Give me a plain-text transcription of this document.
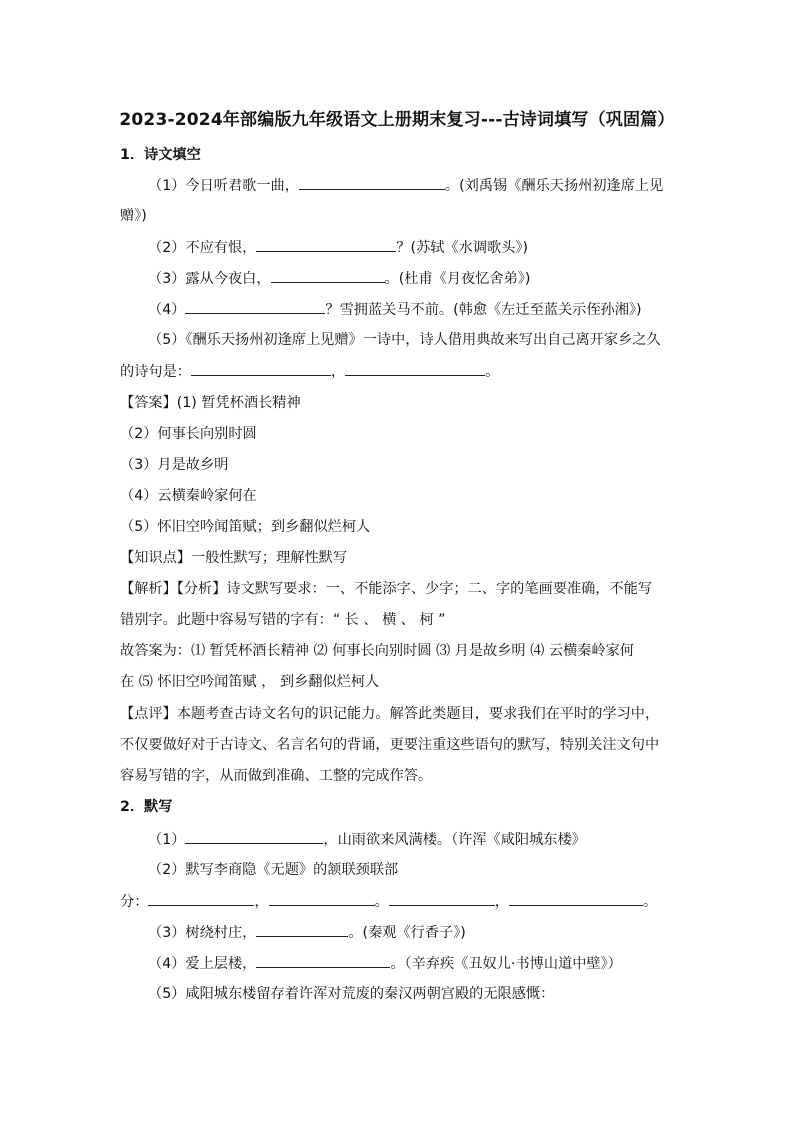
2023-2024年部编版九年级语文上册期末复习---古诗词填写（巩固篇）
1．诗文填空
（1）今日听君歌一曲，	。(刘禹锡《酬乐天扬州初逢席上见
赠》)
（2）不应有恨，	？(苏轼《水调歌头》)
（3）露从今夜白，	。(杜甫《月夜忆舍弟》)
（4）	？雪拥蓝关马不前。(韩愈《左迁至蓝关示侄孙湘》)
（5）《酬乐天扬州初逢席上见赠》一诗中，诗人借用典故来写出自己离开家乡之久
的诗句是：	，	。
【答案】(1) 暂凭杯酒长精神
（2）何事长向别时圆
（3）月是故乡明
（4）云横秦岭家何在
（5）怀旧空吟闻笛赋；到乡翻似烂柯人
【知识点】一般性默写；理解性默写
【解析】【分析】诗文默写要求：一、不能添字、少字；二、字的笔画要准确，不能写
错别字。此题中容易写错的字有：“ 长 、 横 、 柯 ”
故答案为：⑴ 暂凭杯酒长精神 ⑵ 何事长向别时圆 ⑶ 月是故乡明 ⑷ 云横秦岭家何
在 ⑸ 怀旧空吟闻笛赋 ， 到乡翻似烂柯人
【点评】本题考查古诗文名句的识记能力。解答此类题目，要求我们在平时的学习中，
不仅要做好对于古诗文、名言名句的背诵，更要注重这些语句的默写，特别关注文句中
容易写错的字，从而做到准确、工整的完成作答。
2．默写
（1）	，山雨欲来风满楼。（许浑《咸阳城东楼》
（2）默写李商隐《无题》的颔联颈联部
分：	，	。	，	。
（3）树绕村庄，	。(秦观《行香子》)
（4）爱上层楼，	。（辛弃疾《丑奴儿·书博山道中壁》）
（5）咸阳城东楼留存着许浑对荒废的秦汉两朝宫殿的无限感慨：
